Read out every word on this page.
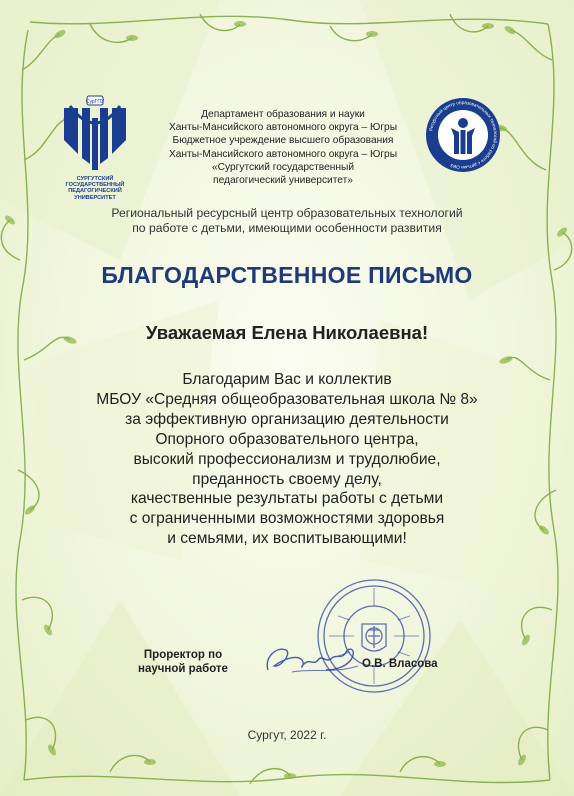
СурГПУ
СУРГУТСКИЙ ГОСУДАРСТВЕННЫЙ ПЕДАГОГИЧЕСКИЙ УНИВЕРСИТЕТ
Департамент образования и науки
Ханты-Мансийского автономного округа – Югры
Бюджетное учреждение высшего образования
Ханты-Мансийского автономного округа – Югры
«Сургутский государственный
педагогический университет»
Ресурсный центр образовательных технологий по работе с детьми ОВЗ
Региональный ресурсный центр образовательных технологий
по работе с детьми, имеющими особенности развития
БЛАГОДАРСТВЕННОЕ ПИСЬМО
Уважаемая Елена Николаевна!
Благодарим Вас и коллектив
МБОУ «Средняя общеобразовательная школа № 8»
за эффективную организацию деятельности
Опорного образовательного центра,
высокий профессионализм и трудолюбие,
преданность своему делу,
качественные результаты работы с детьми
с ограниченными возможностями здоровья
и семьями, их воспитывающими!
Проректор по
научной работе	О.В. Власова
Сургут, 2022 г.
